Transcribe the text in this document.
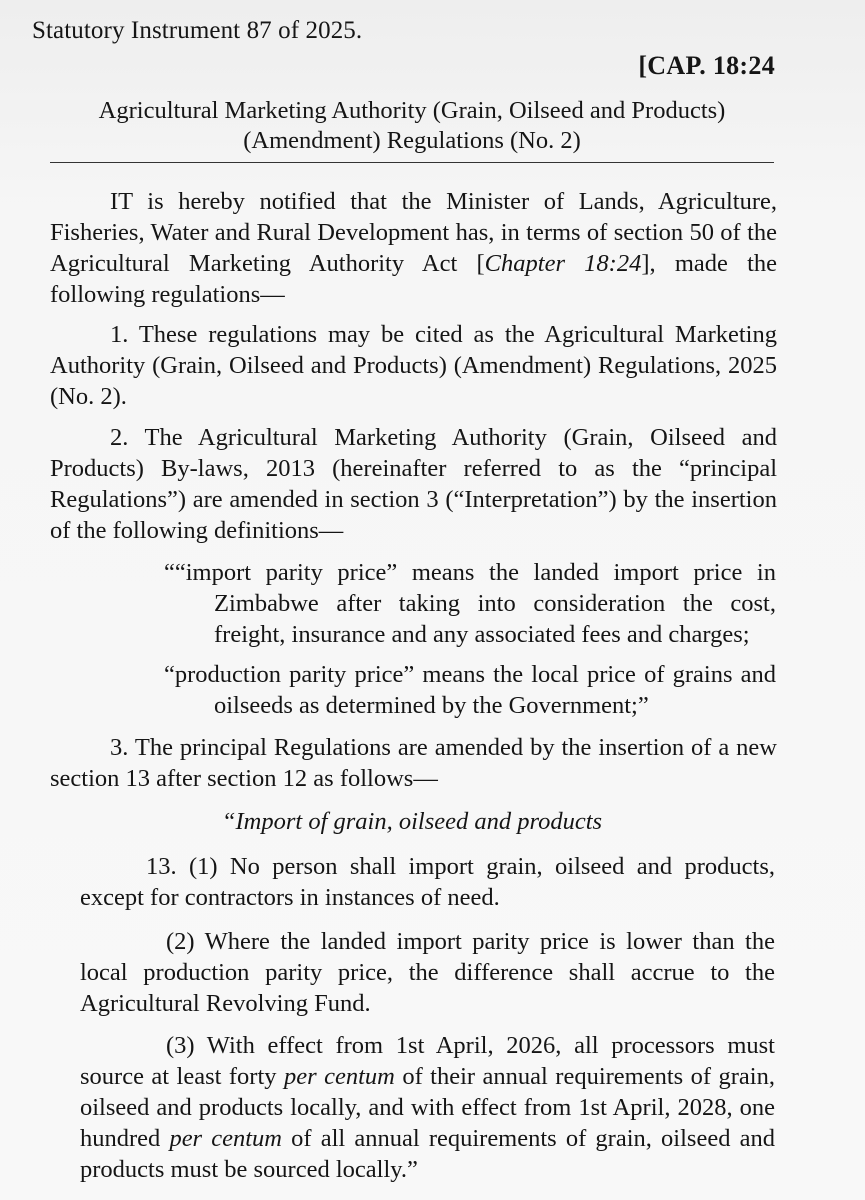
Statutory Instrument 87 of 2025.
[CAP. 18:24
Agricultural Marketing Authority (Grain, Oilseed and Products)
(Amendment) Regulations (No. 2)

IT is hereby notified that the Minister of Lands, Agriculture, Fisheries, Water and Rural Development has, in terms of section 50 of the Agricultural Marketing Authority Act [Chapter 18:24], made the following regulations—

1. These regulations may be cited as the Agricultural Marketing Authority (Grain, Oilseed and Products) (Amendment) Regulations, 2025 (No. 2).

2. The Agricultural Marketing Authority (Grain, Oilseed and Products) By-laws, 2013 (hereinafter referred to as the “principal Regulations”) are amended in section 3 (“Interpretation”) by the insertion of the following definitions—

““import parity price” means the landed import price in Zimbabwe after taking into consideration the cost, freight, insurance and any associated fees and charges;
“production parity price” means the local price of grains and oilseeds as determined by the Government;”

3. The principal Regulations are amended by the insertion of a new section 13 after section 12 as follows—

“Import of grain, oilseed and products
13. (1) No person shall import grain, oilseed and products, except for contractors in instances of need.
(2) Where the landed import parity price is lower than the local production parity price, the difference shall accrue to the Agricultural Revolving Fund.
(3) With effect from 1st April, 2026, all processors must source at least forty per centum of their annual requirements of grain, oilseed and products locally, and with effect from 1st April, 2028, one hundred per centum of all annual requirements of grain, oilseed and products must be sourced locally.”
